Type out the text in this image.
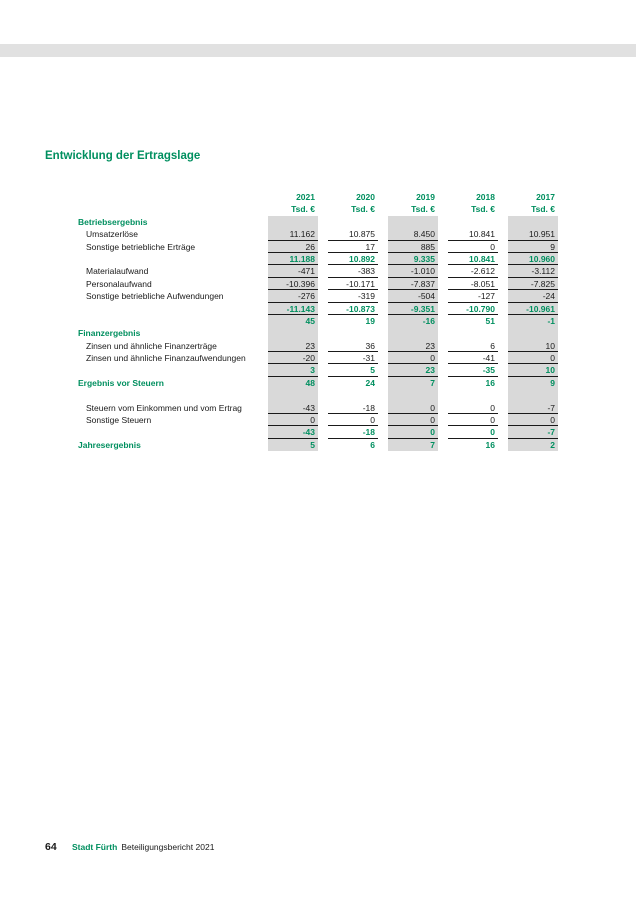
Entwicklung der Ertragslage
2021	2020	2019	2018	2017
Tsd. €	Tsd. €	Tsd. €	Tsd. €	Tsd. €
Betriebsergebnis
Umsatzerlöse	11.162	10.875	8.450	10.841	10.951
Sonstige betriebliche Erträge	26	17	885	0	9
11.188	10.892	9.335	10.841	10.960
Materialaufwand	-471	-383	-1.010	-2.612	-3.112
Personalaufwand	-10.396	-10.171	-7.837	-8.051	-7.825
Sonstige betriebliche Aufwendungen	-276	-319	-504	-127	-24
-11.143	-10.873	-9.351	-10.790	-10.961
45	19	-16	51	-1
Finanzergebnis
Zinsen und ähnliche Finanzerträge	23	36	23	6	10
Zinsen und ähnliche Finanzaufwendungen	-20	-31	0	-41	0
3	5	23	-35	10
Ergebnis vor Steuern	48	24	7	16	9
Steuern vom Einkommen und vom Ertrag	-43	-18	0	0	-7
Sonstige Steuern	0	0	0	0	0
-43	-18	0	0	-7
Jahresergebnis	5	6	7	16	2
64	Stadt Fürth Beteiligungsbericht 2021
